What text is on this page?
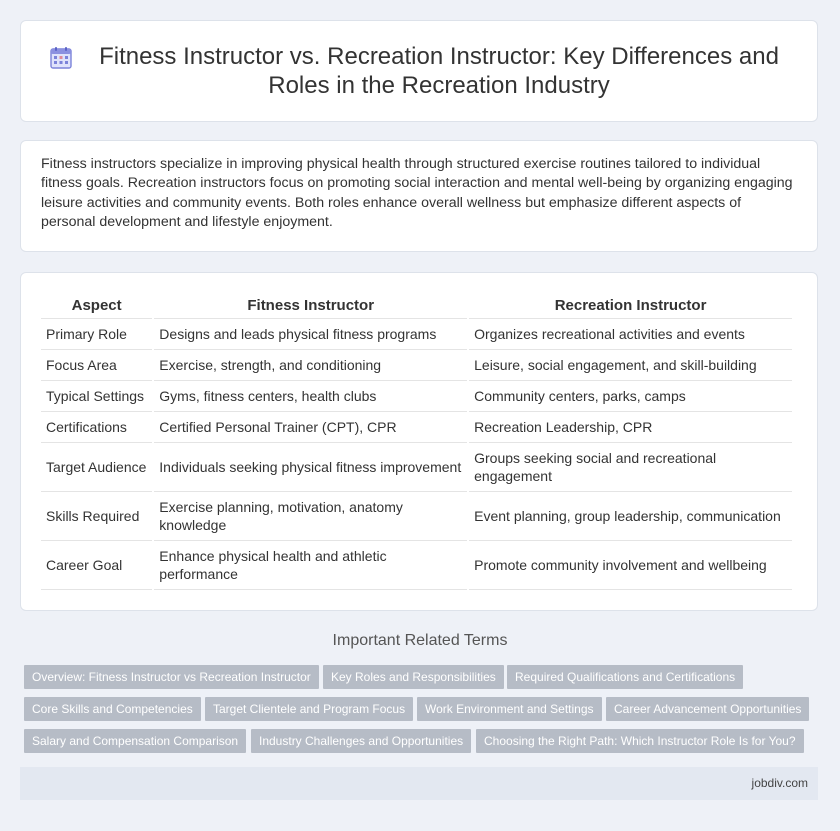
Fitness Instructor vs. Recreation Instructor: Key Differences and Roles in the Recreation Industry

Fitness instructors specialize in improving physical health through structured exercise routines tailored to individual fitness goals. Recreation instructors focus on promoting social interaction and mental well-being by organizing engaging leisure activities and community events. Both roles enhance overall wellness but emphasize different aspects of personal development and lifestyle enjoyment.

Aspect	Fitness Instructor	Recreation Instructor
Primary Role	Designs and leads physical fitness programs	Organizes recreational activities and events
Focus Area	Exercise, strength, and conditioning	Leisure, social engagement, and skill-building
Typical Settings	Gyms, fitness centers, health clubs	Community centers, parks, camps
Certifications	Certified Personal Trainer (CPT), CPR	Recreation Leadership, CPR
Target Audience	Individuals seeking physical fitness improvement	Groups seeking social and recreational engagement
Skills Required	Exercise planning, motivation, anatomy knowledge	Event planning, group leadership, communication
Career Goal	Enhance physical health and athletic performance	Promote community involvement and wellbeing

Important Related Terms

Overview: Fitness Instructor vs Recreation Instructor	Key Roles and Responsibilities	Required Qualifications and Certifications
Core Skills and Competencies	Target Clientele and Program Focus	Work Environment and Settings	Career Advancement Opportunities
Salary and Compensation Comparison	Industry Challenges and Opportunities	Choosing the Right Path: Which Instructor Role Is for You?
jobdiv.com
